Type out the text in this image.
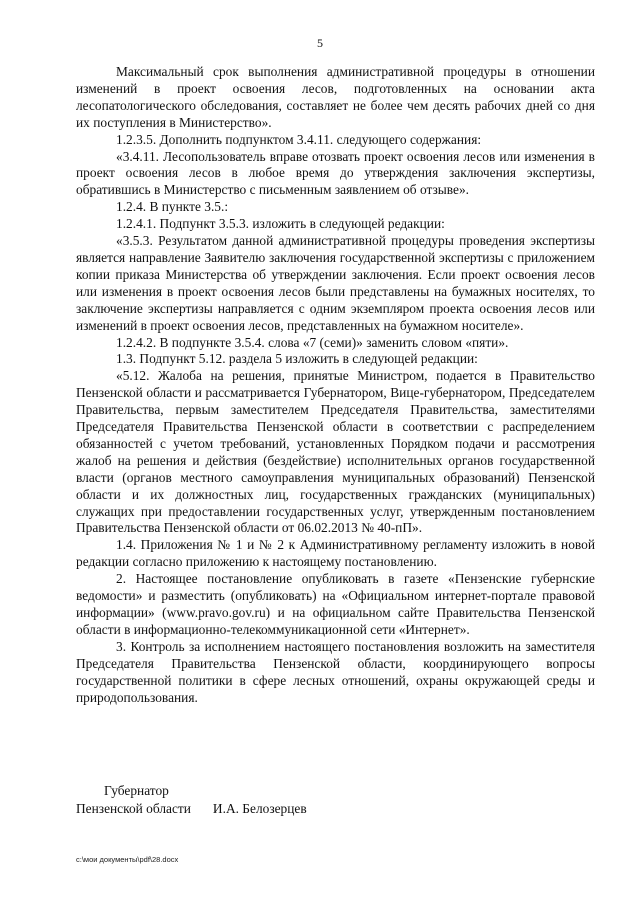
5

Максимальный срок выполнения административной процедуры в отношении изменений в проект освоения лесов, подготовленных на основании акта лесопатологического обследования, составляет не более чем десять рабочих дней со дня их поступления в Министерство».

1.2.3.5. Дополнить подпунктом 3.4.11. следующего содержания:

«3.4.11. Лесопользователь вправе отозвать проект освоения лесов или изменения в проект освоения лесов в любое время до утверждения заключения экспертизы, обратившись в Министерство с письменным заявлением об отзыве».

1.2.4. В пункте 3.5.:

1.2.4.1. Подпункт 3.5.3. изложить в следующей редакции:

«3.5.3. Результатом данной административной процедуры проведения экспертизы является направление Заявителю заключения государственной экспертизы с приложением копии приказа Министерства об утверждении заключения. Если проект освоения лесов или изменения в проект освоения лесов были представлены на бумажных носителях, то заключение экспертизы направляется с одним экземпляром проекта освоения лесов или изменений в проект освоения лесов, представленных на бумажном носителе».

1.2.4.2. В подпункте 3.5.4. слова «7 (семи)» заменить словом «пяти».

1.3. Подпункт 5.12. раздела 5 изложить в следующей редакции:

«5.12. Жалоба на решения, принятые Министром, подается в Правительство Пензенской области и рассматривается Губернатором, Вице-губернатором, Председателем Правительства, первым заместителем Председателя Правительства, заместителями Председателя Правительства Пензенской области в соответствии с распределением обязанностей с учетом требований, установленных Порядком подачи и рассмотрения жалоб на решения и действия (бездействие) исполнительных органов государственной власти (органов местного самоуправления муниципальных образований) Пензенской области и их должностных лиц, государственных гражданских (муниципальных) служащих при предоставлении государственных услуг, утвержденным постановлением Правительства Пензенской области от 06.02.2013 № 40-пП».

1.4. Приложения № 1 и № 2 к Административному регламенту изложить в новой редакции согласно приложению к настоящему постановлению.

2. Настоящее постановление опубликовать в газете «Пензенские губернские ведомости» и разместить (опубликовать) на «Официальном интернет-портале правовой информации» (www.pravo.gov.ru) и на официальном сайте Правительства Пензенской области в информационно-телекоммуникационной сети «Интернет».

3. Контроль за исполнением настоящего постановления возложить на заместителя Председателя Правительства Пензенской области, координирующего вопросы государственной политики в сфере лесных отношений, охраны окружающей среды и природопользования.

Губернатор

Пензенской области И.А. Белозерцев

c:\мои документы\pdf\28.docx
